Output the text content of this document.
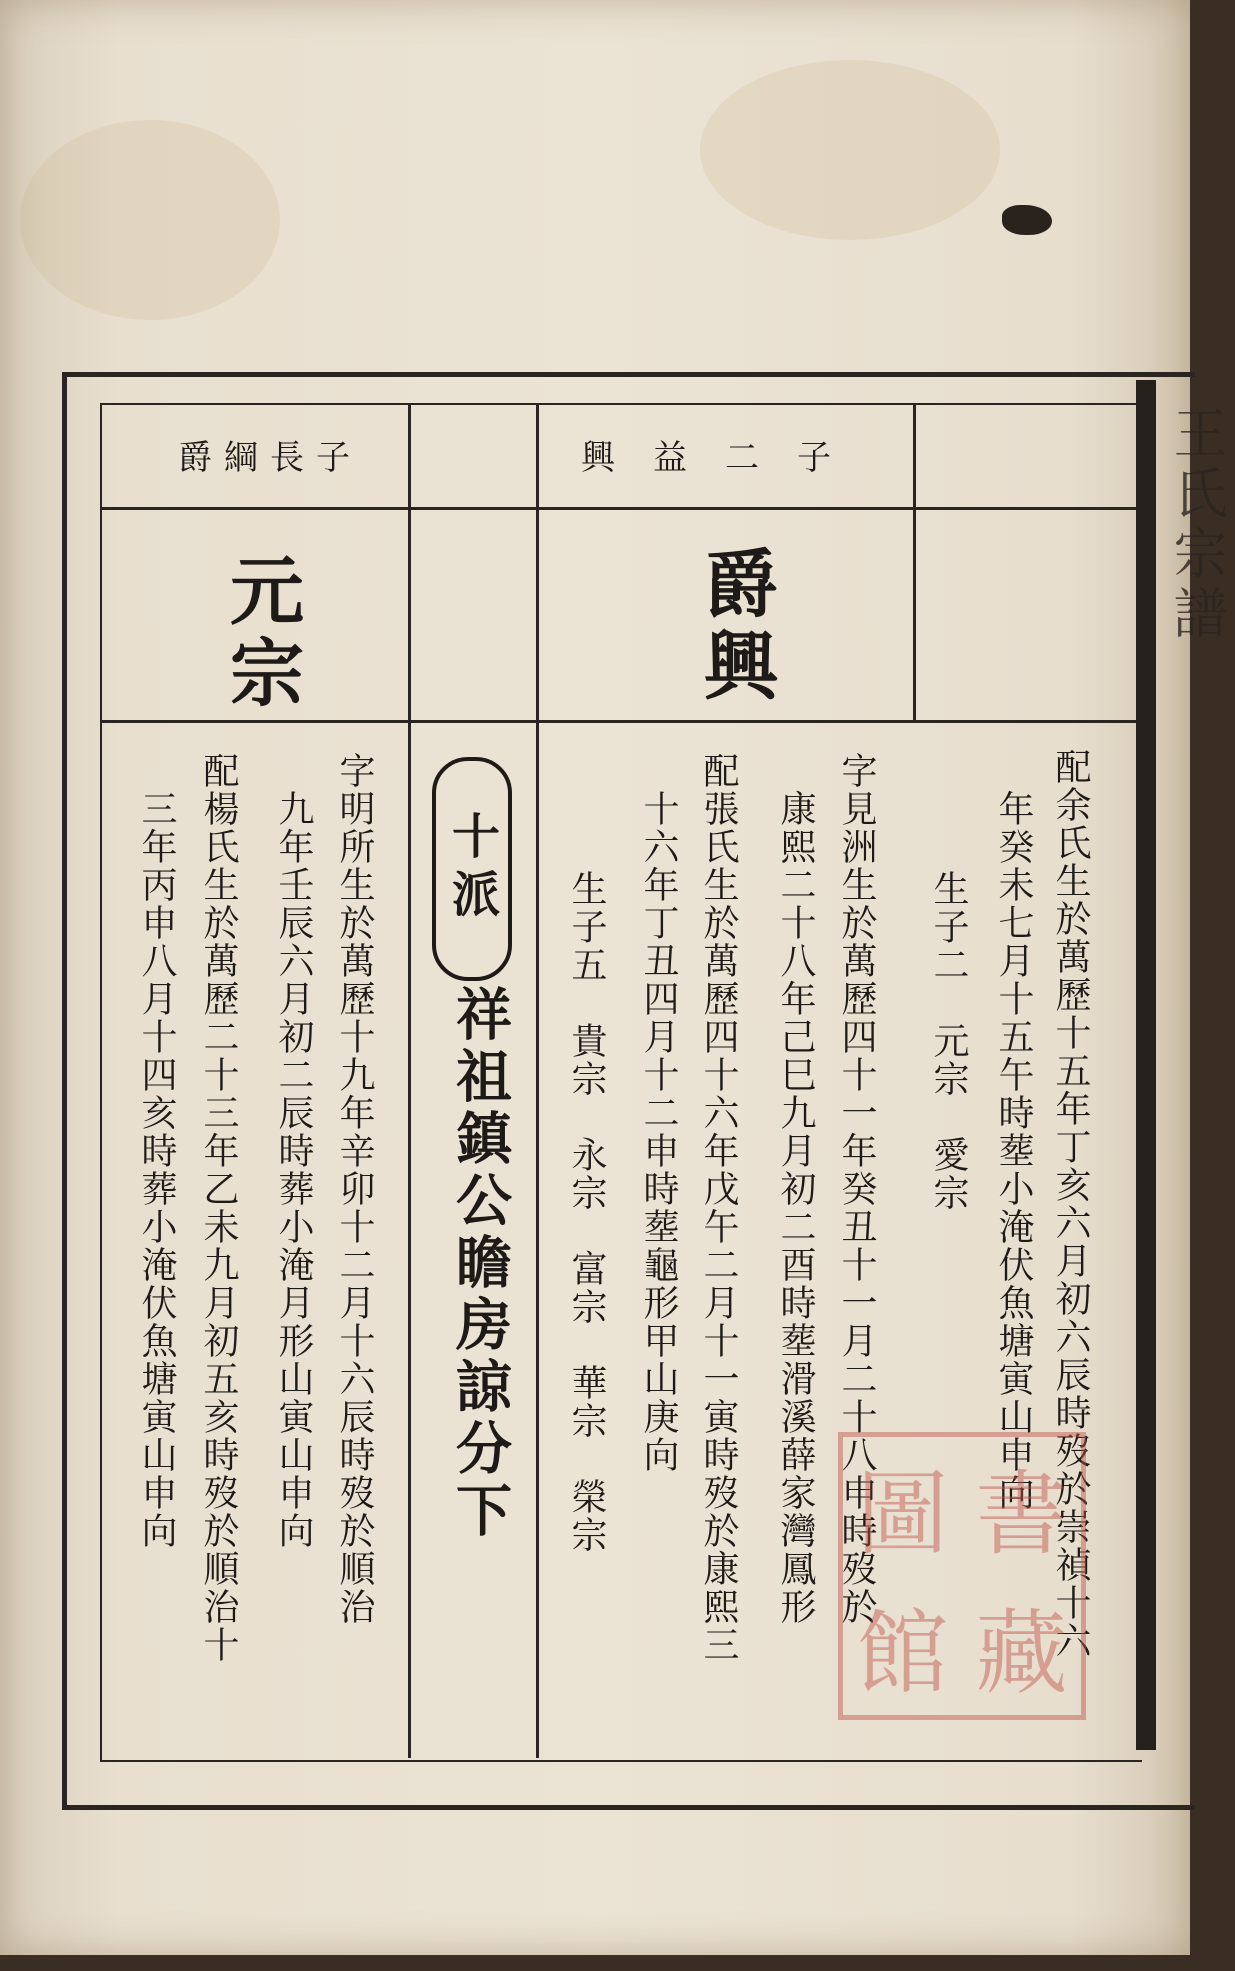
王氏宗譜
興益二子
爵綱長子
爵興
元宗
配余氏生於萬歷十五年丁亥六月初六辰時歿於崇禎十六
年癸未七月十五午時塟小淹伏魚塘寅山申向
生子二　元宗　愛宗
字見洲生於萬歷四十一年癸丑十一月二十八申時歿於
康熙二十八年己巳九月初二酉時塟滑溪薛家灣鳳形
配張氏生於萬歷四十六年戊午二月十一寅時歿於康熙三
十六年丁丑四月十二申時塟龜形甲山庚向
生子五　貴宗　永宗　富宗　華宗　榮宗
十派
祥祖鎮公瞻房諒分下
字明所生於萬歷十九年辛卯十二月十六辰時歿於順治
九年壬辰六月初二辰時葬小淹月形山寅山申向
配楊氏生於萬歷二十三年乙未九月初五亥時歿於順治十
三年丙申八月十四亥時葬小淹伏魚塘寅山申向	圖 書
館 藏
